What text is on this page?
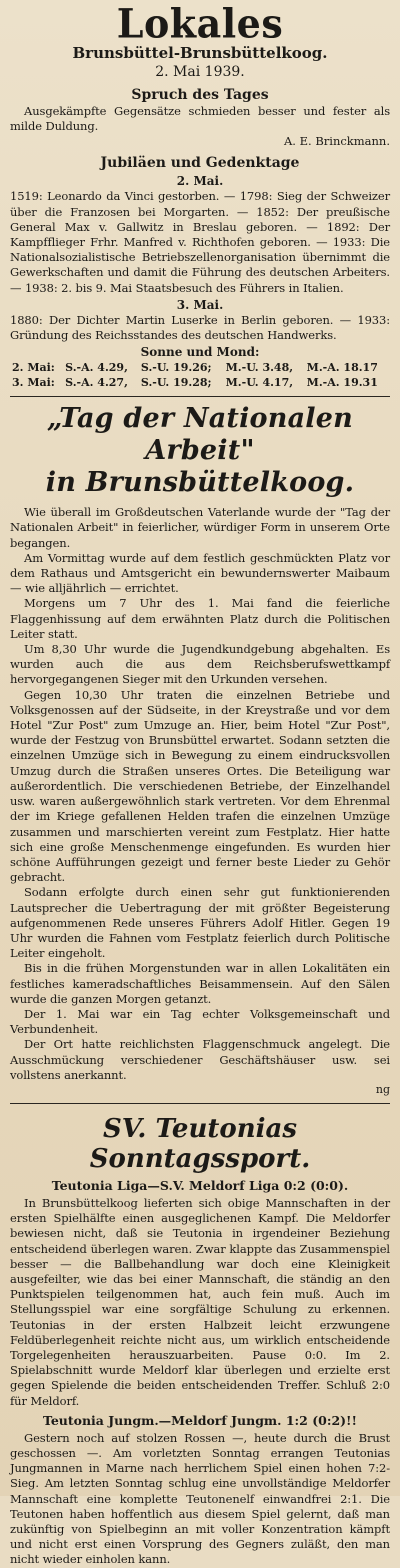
Lokales

Brunsbüttel-Brunsbüttelkoog.

2. Mai 1939.

Spruch des Tages

Ausgekämpfte Gegensätze schmieden besser und fester als milde Duldung.

A. E. Brinckmann.

Jubiläen und Gedenktage

2. Mai.

1519: Leonardo da Vinci gestorben. — 1798: Sieg der Schweizer über die Franzosen bei Morgarten. — 1852: Der preußische General Max v. Gallwitz in Breslau geboren. — 1892: Der Kampfflieger Frhr. Manfred v. Richthofen geboren. — 1933: Die Nationalsozialistische Betriebszellenorganisation übernimmt die Gewerkschaften und damit die Führung des deutschen Arbeiters. — 1938: 2. bis 9. Mai Staatsbesuch des Führers in Italien.

3. Mai.

1880: Der Dichter Martin Luserke in Berlin geboren. — 1933: Gründung des Reichsstandes des deutschen Handwerks.

Sonne und Mond:

2. Mai:	S.-A. 4.29,	S.-U. 19.26;	M.-U. 3.48,	M.-A. 18.17
3. Mai:	S.-A. 4.27,	S.-U. 19.28;	M.-U. 4.17,	M.-A. 19.31
„Tag der Nationalen Arbeit"
in Brunsbüttelkoog.

Wie überall im Großdeutschen Vaterlande wurde der "Tag der Nationalen Arbeit" in feierlicher, würdiger Form in unserem Orte begangen.

Am Vormittag wurde auf dem festlich geschmückten Platz vor dem Rathaus und Amtsgericht ein bewundernswerter Maibaum — wie alljährlich — errichtet.

Morgens um 7 Uhr des 1. Mai fand die feierliche Flaggenhissung auf dem erwähnten Platz durch die Politischen Leiter statt.

Um 8,30 Uhr wurde die Jugendkundgebung abgehalten. Es wurden auch die aus dem Reichsberufswettkampf hervorgegangenen Sieger mit den Urkunden versehen.

Gegen 10,30 Uhr traten die einzelnen Betriebe und Volksgenossen auf der Südseite, in der Kreystraße und vor dem Hotel "Zur Post" zum Umzuge an. Hier, beim Hotel "Zur Post", wurde der Festzug von Brunsbüttel erwartet. Sodann setzten die einzelnen Umzüge sich in Bewegung zu einem eindrucksvollen Umzug durch die Straßen unseres Ortes. Die Beteiligung war außerordentlich. Die verschiedenen Betriebe, der Einzelhandel usw. waren außergewöhnlich stark vertreten. Vor dem Ehrenmal der im Kriege gefallenen Helden trafen die einzelnen Umzüge zusammen und marschierten vereint zum Festplatz. Hier hatte sich eine große Menschenmenge eingefunden. Es wurden hier schöne Aufführungen gezeigt und ferner beste Lieder zu Gehör gebracht.

Sodann erfolgte durch einen sehr gut funktionierenden Lautsprecher die Uebertragung der mit größter Begeisterung aufgenommenen Rede unseres Führers Adolf Hitler. Gegen 19 Uhr wurden die Fahnen vom Festplatz feierlich durch Politische Leiter eingeholt.

Bis in die frühen Morgenstunden war in allen Lokalitäten ein festliches kameradschaftliches Beisammensein. Auf den Sälen wurde die ganzen Morgen getanzt.

Der 1. Mai war ein Tag echter Volksgemeinschaft und Verbundenheit.

Der Ort hatte reichlichsten Flaggenschmuck angelegt. Die Ausschmückung verschiedener Geschäftshäuser usw. sei vollstens anerkannt.

ng

SV. Teutonias Sonntagssport.

Teutonia Liga—S.V. Meldorf Liga 0:2 (0:0).

In Brunsbüttelkoog lieferten sich obige Mannschaften in der ersten Spielhälfte einen ausgeglichenen Kampf. Die Meldorfer bewiesen nicht, daß sie Teutonia in irgendeiner Beziehung entscheidend überlegen waren. Zwar klappte das Zusammenspiel besser — die Ballbehandlung war doch eine Kleinigkeit ausgefeilter, wie das bei einer Mannschaft, die ständig an den Punktspielen teilgenommen hat, auch fein muß. Auch im Stellungsspiel war eine sorgfältige Schulung zu erkennen. Teutonias in der ersten Halbzeit leicht erzwungene Feldüberlegenheit reichte nicht aus, um wirklich entscheidende Torgelegenheiten herauszuarbeiten. Pause 0:0. Im 2. Spielabschnitt wurde Meldorf klar überlegen und erzielte erst gegen Spielende die beiden entscheidenden Treffer. Schluß 2:0 für Meldorf.

Teutonia Jungm.—Meldorf Jungm. 1:2 (0:2)!!

Gestern noch auf stolzen Rossen —, heute durch die Brust geschossen —. Am vorletzten Sonntag errangen Teutonias Jungmannen in Marne nach herrlichem Spiel einen hohen 7:2-Sieg. Am letzten Sonntag schlug eine unvollständige Meldorfer Mannschaft eine komplette Teutonenelf einwandfrei 2:1. Die Teutonen haben hoffentlich aus diesem Spiel gelernt, daß man zukünftig von Spielbeginn an mit voller Konzentration kämpft und nicht erst einen Vorsprung des Gegners zuläßt, den man nicht wieder einholen kann.
